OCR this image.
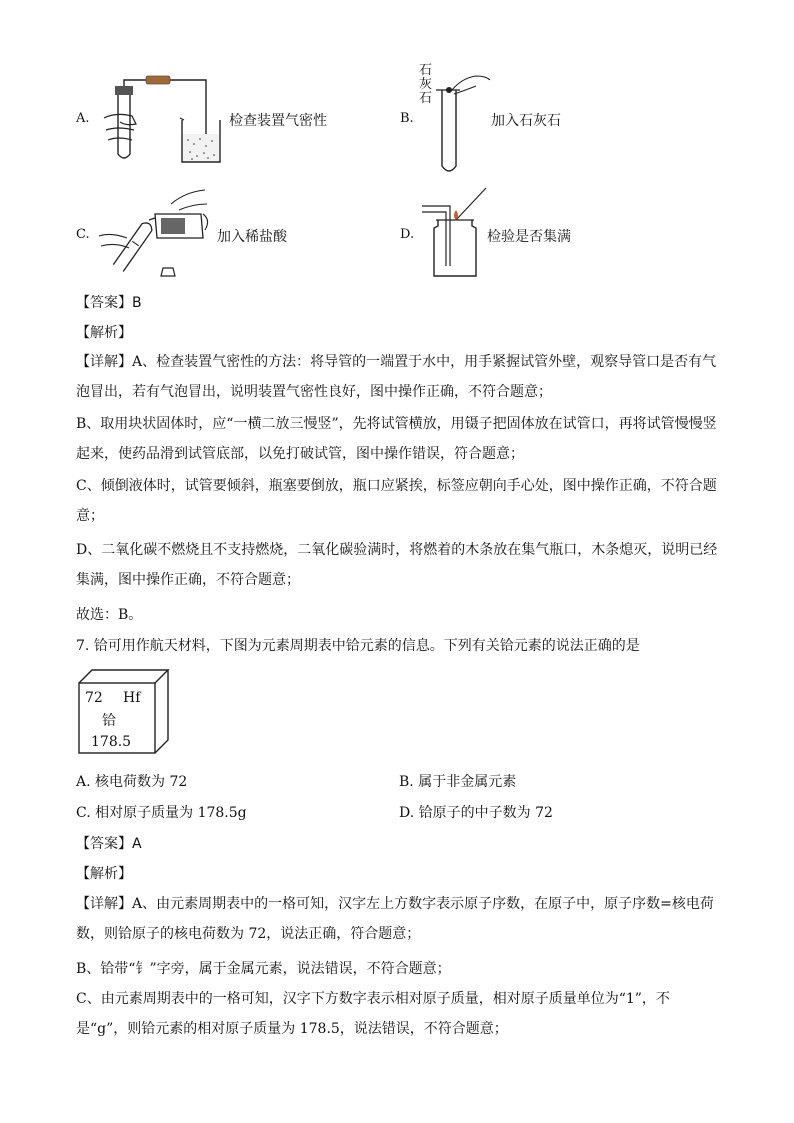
A.	检查装置气密性	B.
石
灰
石
加入石灰石
C.	加入稀盐酸	D.	检验是否集满
【答案】B
【解析】
【详解】A、检查装置气密性的方法：将导管的一端置于水中，用手紧握试管外壁，观察导管口是否有气泡冒出，若有气泡冒出，说明装置气密性良好，图中操作正确，不符合题意；
B、取用块状固体时，应“一横二放三慢竖”，先将试管横放，用镊子把固体放在试管口，再将试管慢慢竖起来，使药品滑到试管底部，以免打破试管，图中操作错误，符合题意；
C、倾倒液体时，试管要倾斜，瓶塞要倒放，瓶口应紧挨，标签应朝向手心处，图中操作正确，不符合题意；
D、二氧化碳不燃烧且不支持燃烧，二氧化碳验满时，将燃着的木条放在集气瓶口，木条熄灭，说明已经集满，图中操作正确，不符合题意；
故选：B。
7. 铪可用作航天材料，下图为元素周期表中铪元素的信息。下列有关铪元素的说法正确的是
72 Hf
铪
178.5
A. 核电荷数为 72	B. 属于非金属元素
C. 相对原子质量为 178.5g	D. 铪原子的中子数为 72
【答案】A
【解析】
【详解】A、由元素周期表中的一格可知，汉字左上方数字表示原子序数，在原子中，原子序数=核电荷数，则铪原子的核电荷数为 72，说法正确，符合题意；
B、铪带“钅”字旁，属于金属元素，说法错误，不符合题意；
C、由元素周期表中的一格可知，汉字下方数字表示相对原子质量，相对原子质量单位为“1”，不是“g”，则铪元素的相对原子质量为 178.5，说法错误，不符合题意；
